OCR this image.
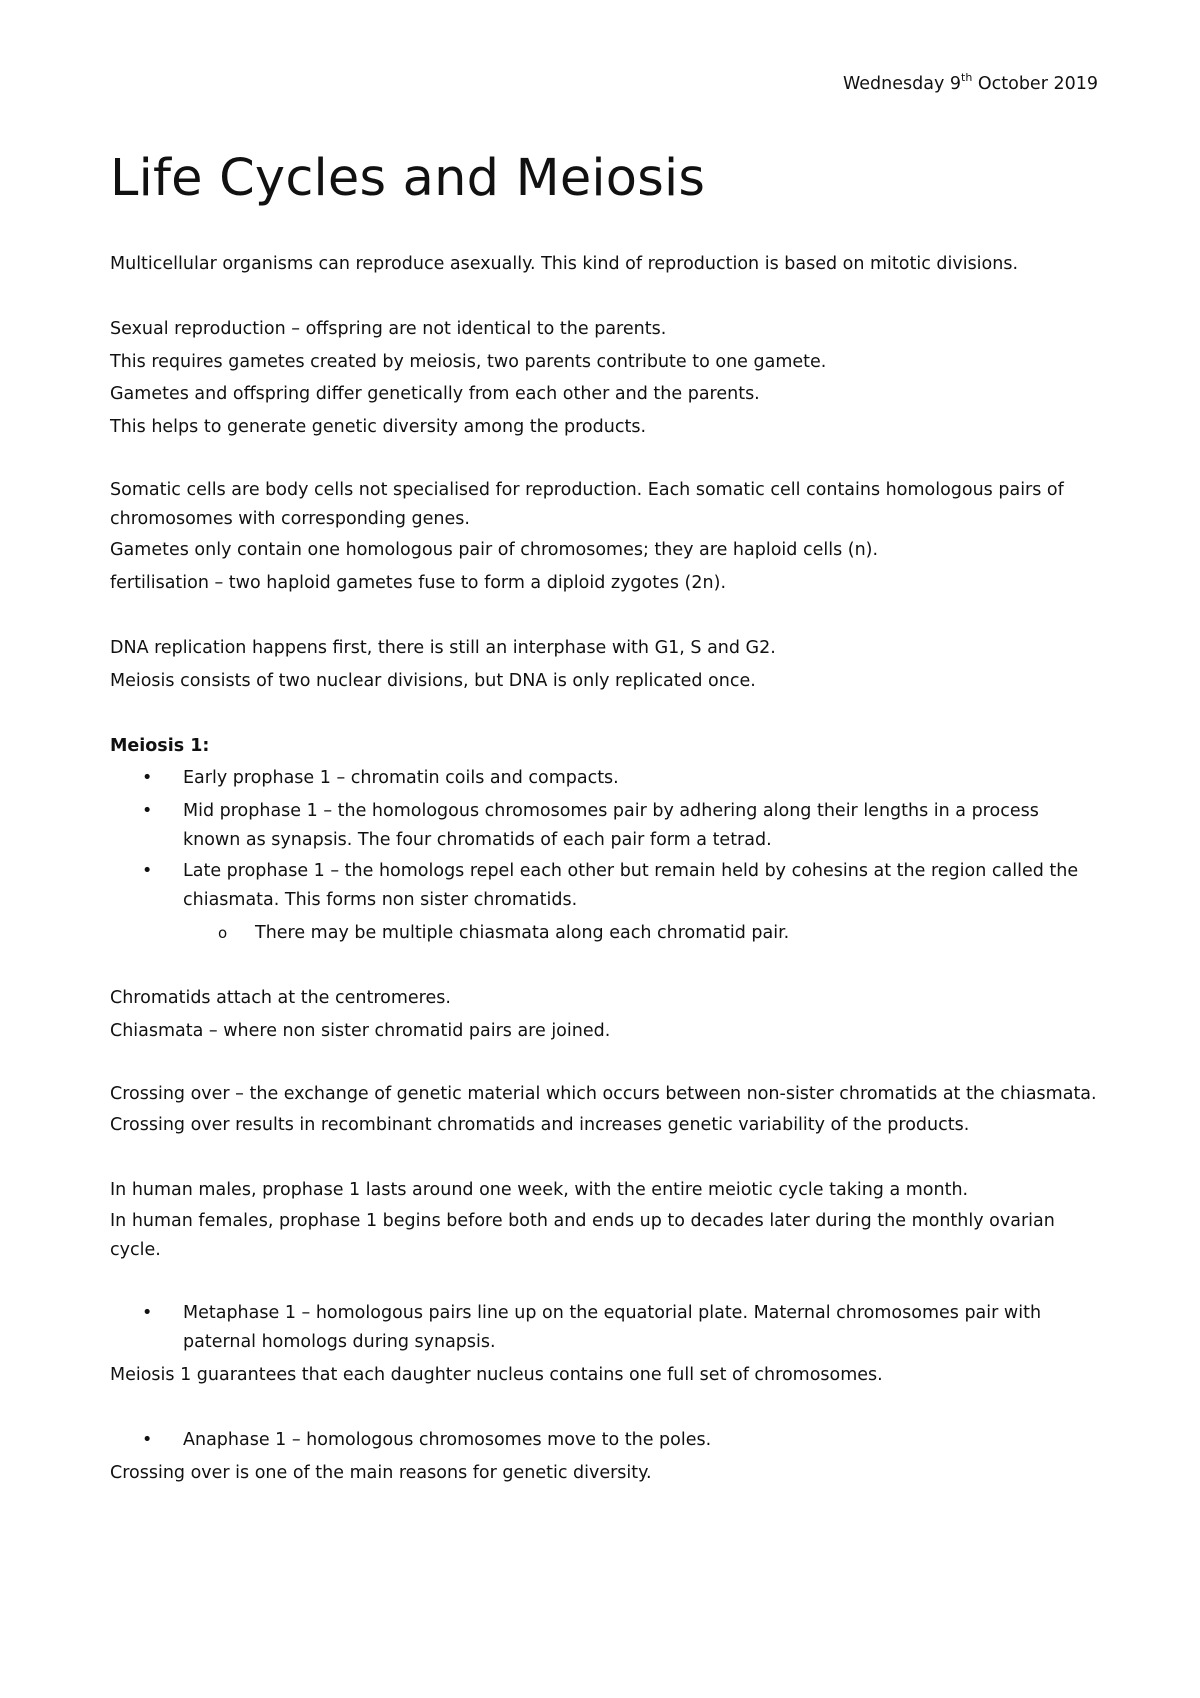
Wednesday 9th October 2019
Life Cycles and Meiosis

Multicellular organisms can reproduce asexually. This kind of reproduction is based on mitotic divisions.

Sexual reproduction – offspring are not identical to the parents.

This requires gametes created by meiosis, two parents contribute to one gamete.

Gametes and offspring differ genetically from each other and the parents.

This helps to generate genetic diversity among the products.

Somatic cells are body cells not specialised for reproduction. Each somatic cell contains homologous pairs of chromosomes with corresponding genes.

Gametes only contain one homologous pair of chromosomes; they are haploid cells (n).

fertilisation – two haploid gametes fuse to form a diploid zygotes (2n).

DNA replication happens first, there is still an interphase with G1, S and G2.

Meiosis consists of two nuclear divisions, but DNA is only replicated once.

Meiosis 1:
• Early prophase 1 – chromatin coils and compacts.
• Mid prophase 1 – the homologous chromosomes pair by adhering along their lengths in a process known as synapsis. The four chromatids of each pair form a tetrad.
• Late prophase 1 – the homologs repel each other but remain held by cohesins at the region called the chiasmata. This forms non sister chromatids.
o There may be multiple chiasmata along each chromatid pair.

Chromatids attach at the centromeres.

Chiasmata – where non sister chromatid pairs are joined.

Crossing over – the exchange of genetic material which occurs between non-sister chromatids at the chiasmata.

Crossing over results in recombinant chromatids and increases genetic variability of the products.

In human males, prophase 1 lasts around one week, with the entire meiotic cycle taking a month.

In human females, prophase 1 begins before both and ends up to decades later during the monthly ovarian cycle.

• Metaphase 1 – homologous pairs line up on the equatorial plate. Maternal chromosomes pair with paternal homologs during synapsis.

Meiosis 1 guarantees that each daughter nucleus contains one full set of chromosomes.

• Anaphase 1 – homologous chromosomes move to the poles.

Crossing over is one of the main reasons for genetic diversity.
